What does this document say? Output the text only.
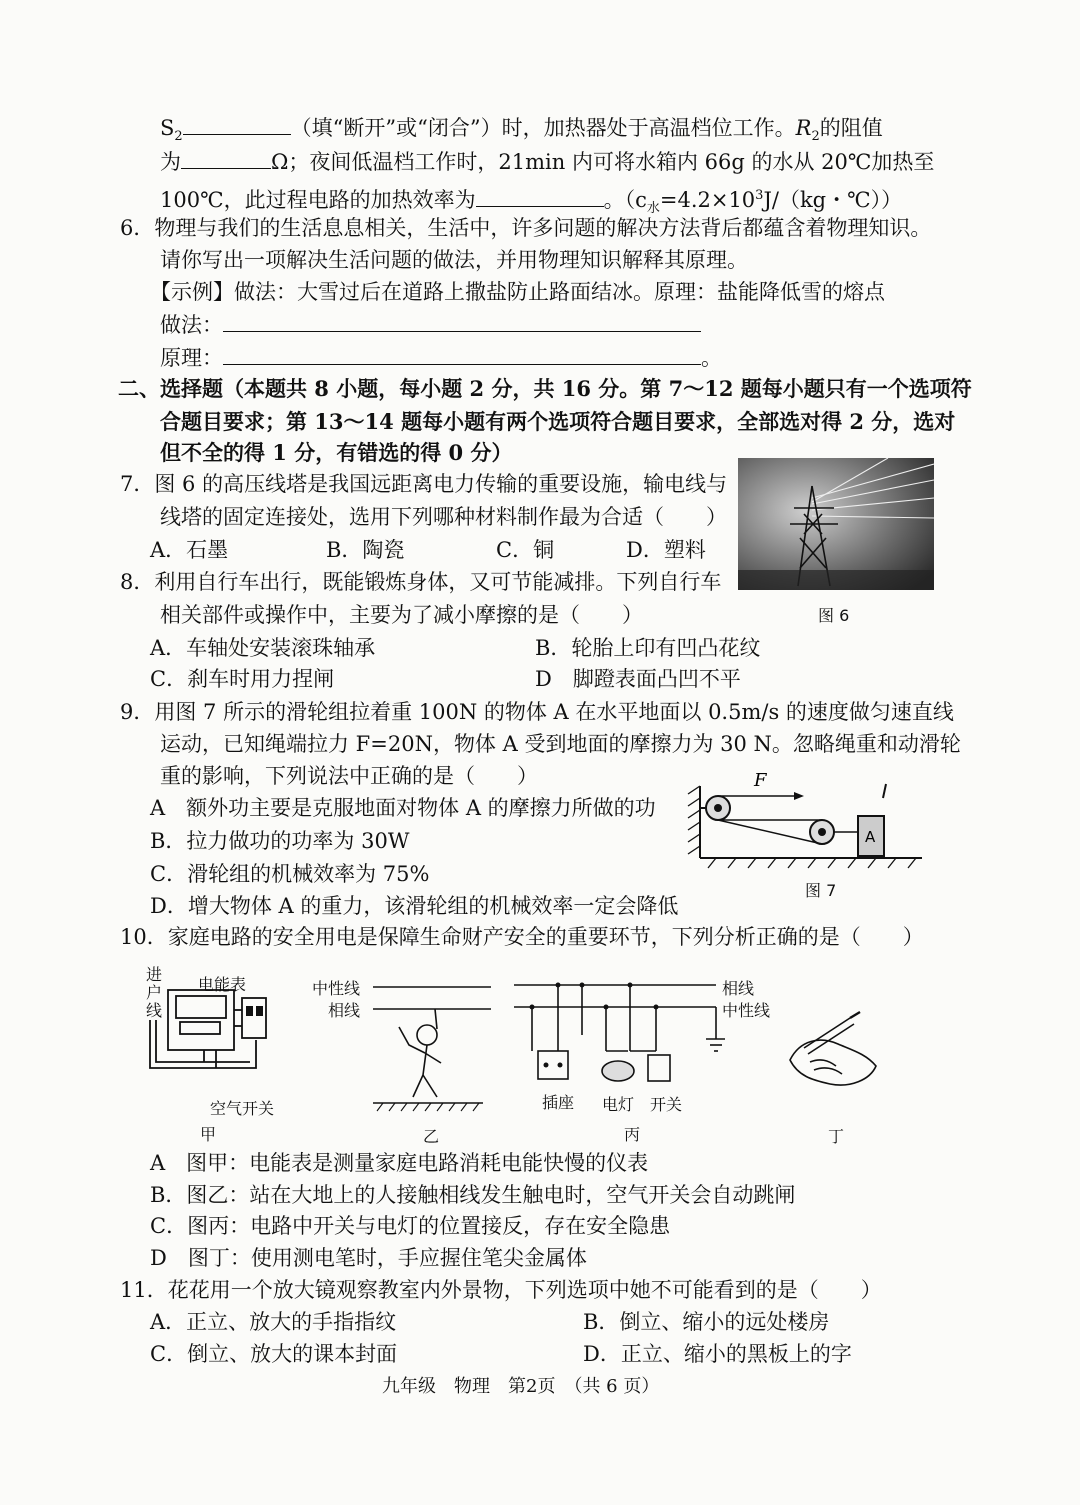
$S_2$	（填“断开”或“闭合”）时，加热器处于高温档位工作。$R_2$的阻值
为	Ω；夜间低温档工作时，21min 内可将水箱内 66g 的水从 20℃加热至
100℃，此过程电路的加热效率为	。（$c_水=4.2\times 10^3J/(kg$・℃））
6．物理与我们的生活息息相关，生活中，许多问题的解决方法背后都蕴含着物理知识。
请你写出一项解决生活问题的做法，并用物理知识解释其原理。
【示例】做法：大雪过后在道路上撒盐防止路面结冰。原理：盐能降低雪的熔点
做法：
原理：	。
二、选择题（本题共 8 小题，每小题 2 分，共 16 分。第 7～12 题每小题只有一个选项符
合题目要求；第 13～14 题每小题有两个选项符合题目要求，全部选对得 2 分，选对
但不全的得 1 分，有错选的得 0 分）
7．图 6 的高压线塔是我国远距离电力传输的重要设施，输电线与
线塔的固定连接处，选用下列哪种材料制作最为合适（　　）
A．石墨	B．陶瓷	C．铜	D．塑料
图 6
8．利用自行车出行，既能锻炼身体，又可节能减排。下列自行车
相关部件或操作中，主要为了减小摩擦的是（　　）
A．车轴处安装滚珠轴承	B．轮胎上印有凹凸花纹
C．刹车时用力捏闸	D　脚蹬表面凸凹不平
9．用图 7 所示的滑轮组拉着重 100N 的物体 A 在水平地面以 0.5m/s 的速度做匀速直线
运动，已知绳端拉力 F=20N，物体 A 受到地面的摩擦力为 30 N。忽略绳重和动滑轮
重的影响，下列说法中正确的是（　　）
A　额外功主要是克服地面对物体 A 的摩擦力所做的功
B．拉力做功的功率为 30W
C．滑轮组的机械效率为 75%
D．增大物体 A 的重力，该滑轮组的机械效率一定会降低
A
F
图 7
10．家庭电路的安全用电是保障生命财产安全的重要环节，下列分析正确的是（　　）
进
户
线
电能表
空气开关
甲
中性线
相线
乙
相线
中性线
插座 电灯 开关
丙	丁
A　图甲：电能表是测量家庭电路消耗电能快慢的仪表
B．图乙：站在大地上的人接触相线发生触电时，空气开关会自动跳闸
C．图丙：电路中开关与电灯的位置接反，存在安全隐患
D　图丁：使用测电笔时，手应握住笔尖金属体
11．花花用一个放大镜观察教室内外景物，下列选项中她不可能看到的是（　　）
A．正立、放大的手指指纹	B．倒立、缩小的远处楼房
C．倒立、放大的课本封面	D．正立、缩小的黑板上的字
九年级　物理　第2页　（共 6 页）
